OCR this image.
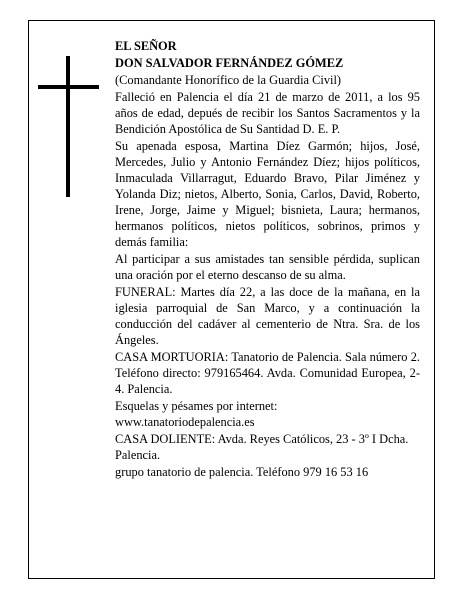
EL SEÑOR

DON SALVADOR FERNÁNDEZ GÓMEZ

(Comandante Honorífico de la Guardia Civil)

Falleció en Palencia el día 21 de marzo de 2011, a los 95 años de edad, depués de recibir los Santos Sacramentos y la Bendición Apostólica de Su Santidad D. E. P.

Su apenada esposa, Martina Díez Garmón; hijos, José, Mercedes, Julio y Antonio Fernández Díez; hijos políticos, Inmaculada Villarragut, Eduardo Bravo, Pilar Jiménez y Yolanda Diz; nietos, Alberto, Sonia, Carlos, David, Roberto, Irene, Jorge, Jaime y Miguel; bisnieta, Laura; hermanos, hermanos políticos, nietos políticos, sobrinos, primos y demás familia:

Al participar a sus amistades tan sensible pérdida, suplican una oración por el eterno descanso de su alma.

FUNERAL: Martes día 22, a las doce de la mañana, en la iglesia parroquial de San Marco, y a continuación la conducción del cadáver al cementerio de Ntra. Sra. de los Ángeles.

CASA MORTUORIA: Tanatorio de Palencia. Sala número 2. Teléfono directo: 979165464. Avda. Comunidad Europea, 2-4. Palencia.

Esquelas y pésames por internet: www.tanatoriodepalencia.es

CASA DOLIENTE: Avda. Reyes Católicos, 23 - 3º I Dcha. Palencia.

grupo tanatorio de palencia. Teléfono 979 16 53 16
